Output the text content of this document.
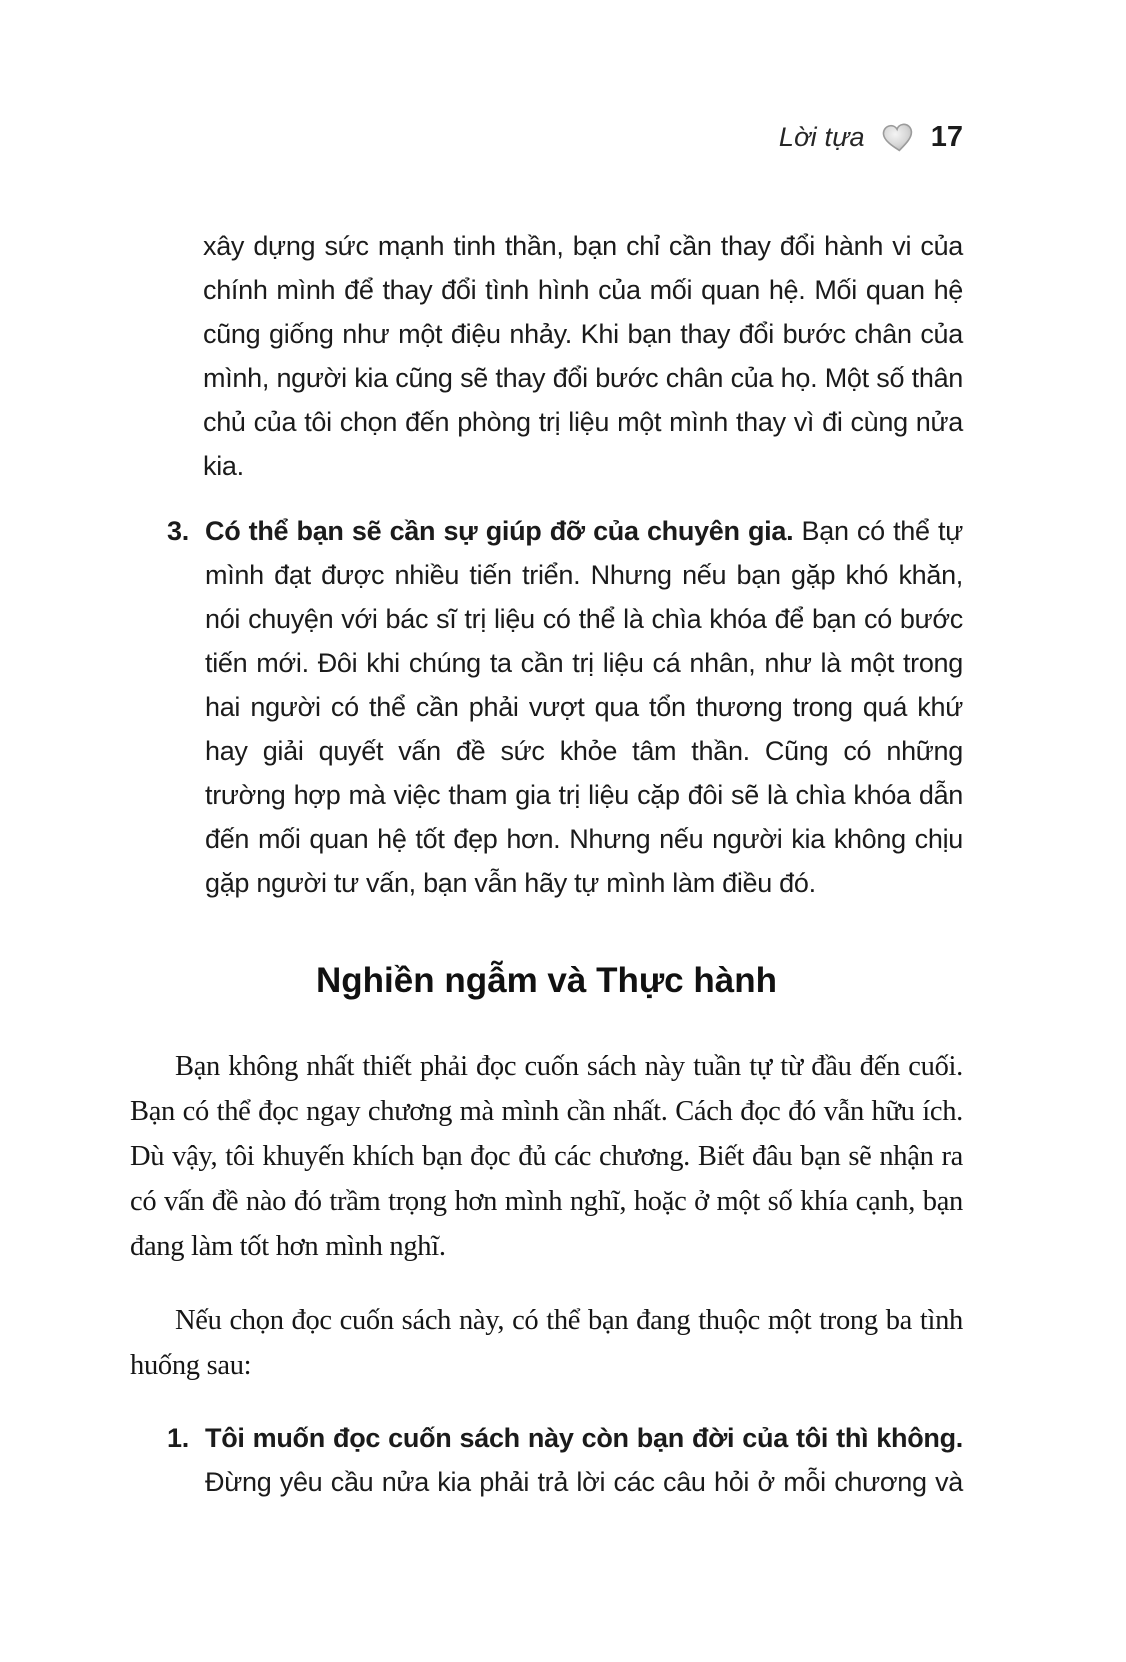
Lời tựa 17

xây dựng sức mạnh tinh thần, bạn chỉ cần thay đổi hành vi của chính mình để thay đổi tình hình của mối quan hệ. Mối quan hệ cũng giống như một điệu nhảy. Khi bạn thay đổi bước chân của mình, người kia cũng sẽ thay đổi bước chân của họ. Một số thân chủ của tôi chọn đến phòng trị liệu một mình thay vì đi cùng nửa kia.

3. Có thể bạn sẽ cần sự giúp đỡ của chuyên gia. Bạn có thể tự mình đạt được nhiều tiến triển. Nhưng nếu bạn gặp khó khăn, nói chuyện với bác sĩ trị liệu có thể là chìa khóa để bạn có bước tiến mới. Đôi khi chúng ta cần trị liệu cá nhân, như là một trong hai người có thể cần phải vượt qua tổn thương trong quá khứ hay giải quyết vấn đề sức khỏe tâm thần. Cũng có những trường hợp mà việc tham gia trị liệu cặp đôi sẽ là chìa khóa dẫn đến mối quan hệ tốt đẹp hơn. Nhưng nếu người kia không chịu gặp người tư vấn, bạn vẫn hãy tự mình làm điều đó.
Nghiền ngẫm và Thực hành

Bạn không nhất thiết phải đọc cuốn sách này tuần tự từ đầu đến cuối. Bạn có thể đọc ngay chương mà mình cần nhất. Cách đọc đó vẫn hữu ích. Dù vậy, tôi khuyến khích bạn đọc đủ các chương. Biết đâu bạn sẽ nhận ra có vấn đề nào đó trầm trọng hơn mình nghĩ, hoặc ở một số khía cạnh, bạn đang làm tốt hơn mình nghĩ.

Nếu chọn đọc cuốn sách này, có thể bạn đang thuộc một trong ba tình huống sau:

1. Tôi muốn đọc cuốn sách này còn bạn đời của tôi thì không. Đừng yêu cầu nửa kia phải trả lời các câu hỏi ở mỗi chương và
